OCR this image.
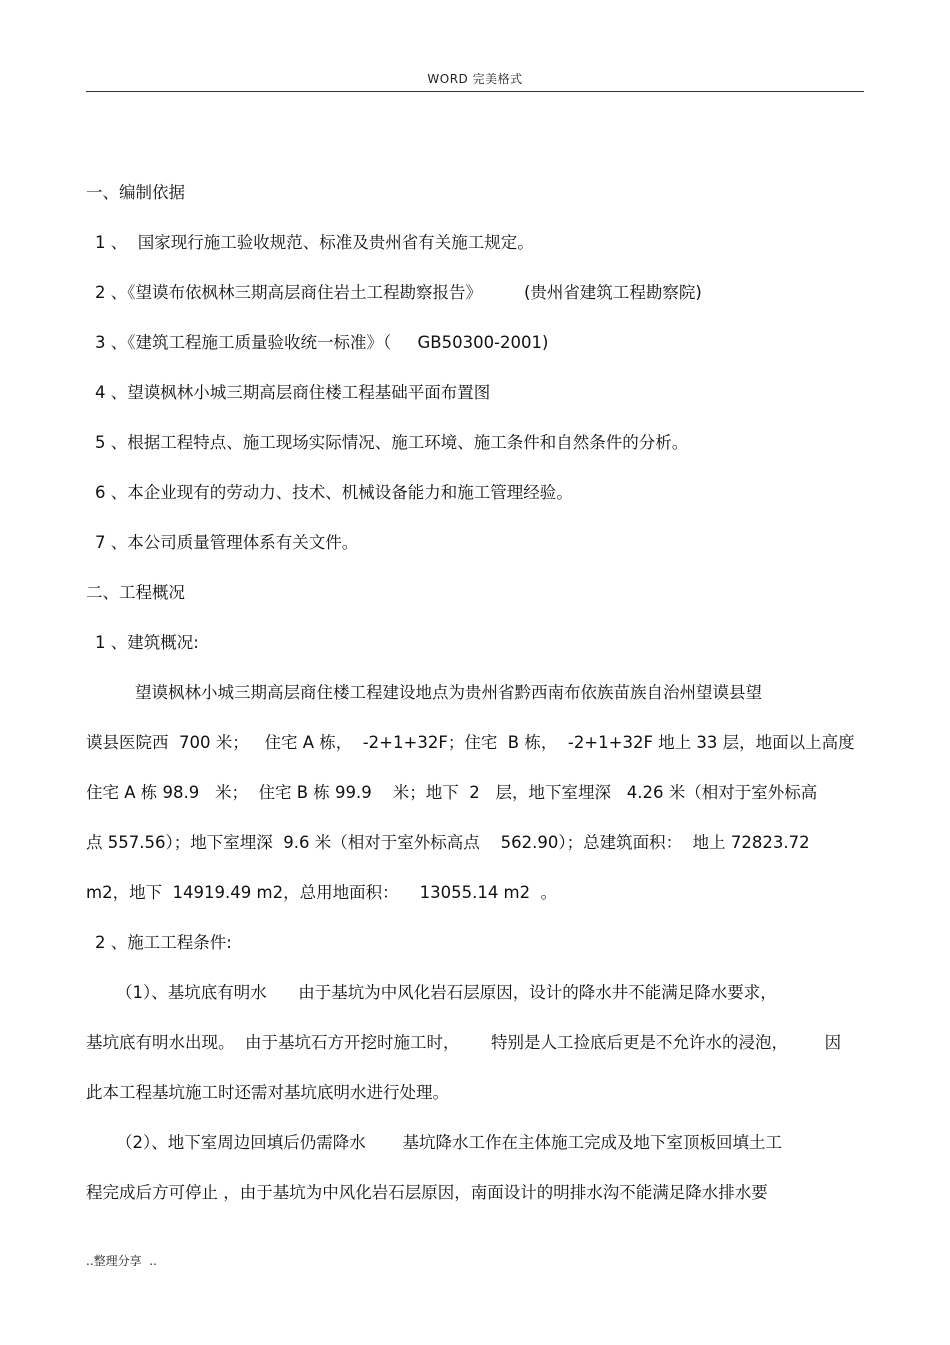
WORD 完美格式
一、编制依据
1 、  国家现行施工验收规范、标准及贵州省有关施工规定。
2 、《望谟布依枫林三期高层商住岩土工程勘察报告》        (贵州省建筑工程勘察院)
3 、《建筑工程施工质量验收统一标准》（     GB50300-2001)
4 、望谟枫林小城三期高层商住楼工程基础平面布置图
5 、根据工程特点、施工现场实际情况、施工环境、施工条件和自然条件的分析。
6 、本企业现有的劳动力、技术、机械设备能力和施工管理经验。
7 、本公司质量管理体系有关文件。
二、工程概况
1 、建筑概况:
望谟枫林小城三期高层商住楼工程建设地点为贵州省黔西南布依族苗族自治州望谟县望
谟县医院西  700 米；   住宅 A 栋，  -2+1+32F；住宅  B 栋，  -2+1+32F 地上 33 层，地面以上高度
住宅 A 栋 98.9   米；  住宅 B 栋 99.9    米；地下  2   层，地下室埋深   4.26 米（相对于室外标高
点 557.56）；地下室埋深  9.6 米（相对于室外标高点    562.90）；总建筑面积：  地上 72823.72
m2，地下  14919.49 m2，总用地面积：    13055.14 m2  。
2 、施工工程条件:
（1）、基坑底有明水      由于基坑为中风化岩石层原因，设计的降水井不能满足降水要求，
基坑底有明水出现。  由于基坑石方开挖时施工时，      特别是人工捡底后更是不允许水的浸泡，       因
此本工程基坑施工时还需对基坑底明水进行处理。
（2）、地下室周边回填后仍需降水       基坑降水工作在主体施工完成及地下室顶板回填土工
程完成后方可停止 ，由于基坑为中风化岩石层原因，南面设计的明排水沟不能满足降水排水要
..整理分享  ..
